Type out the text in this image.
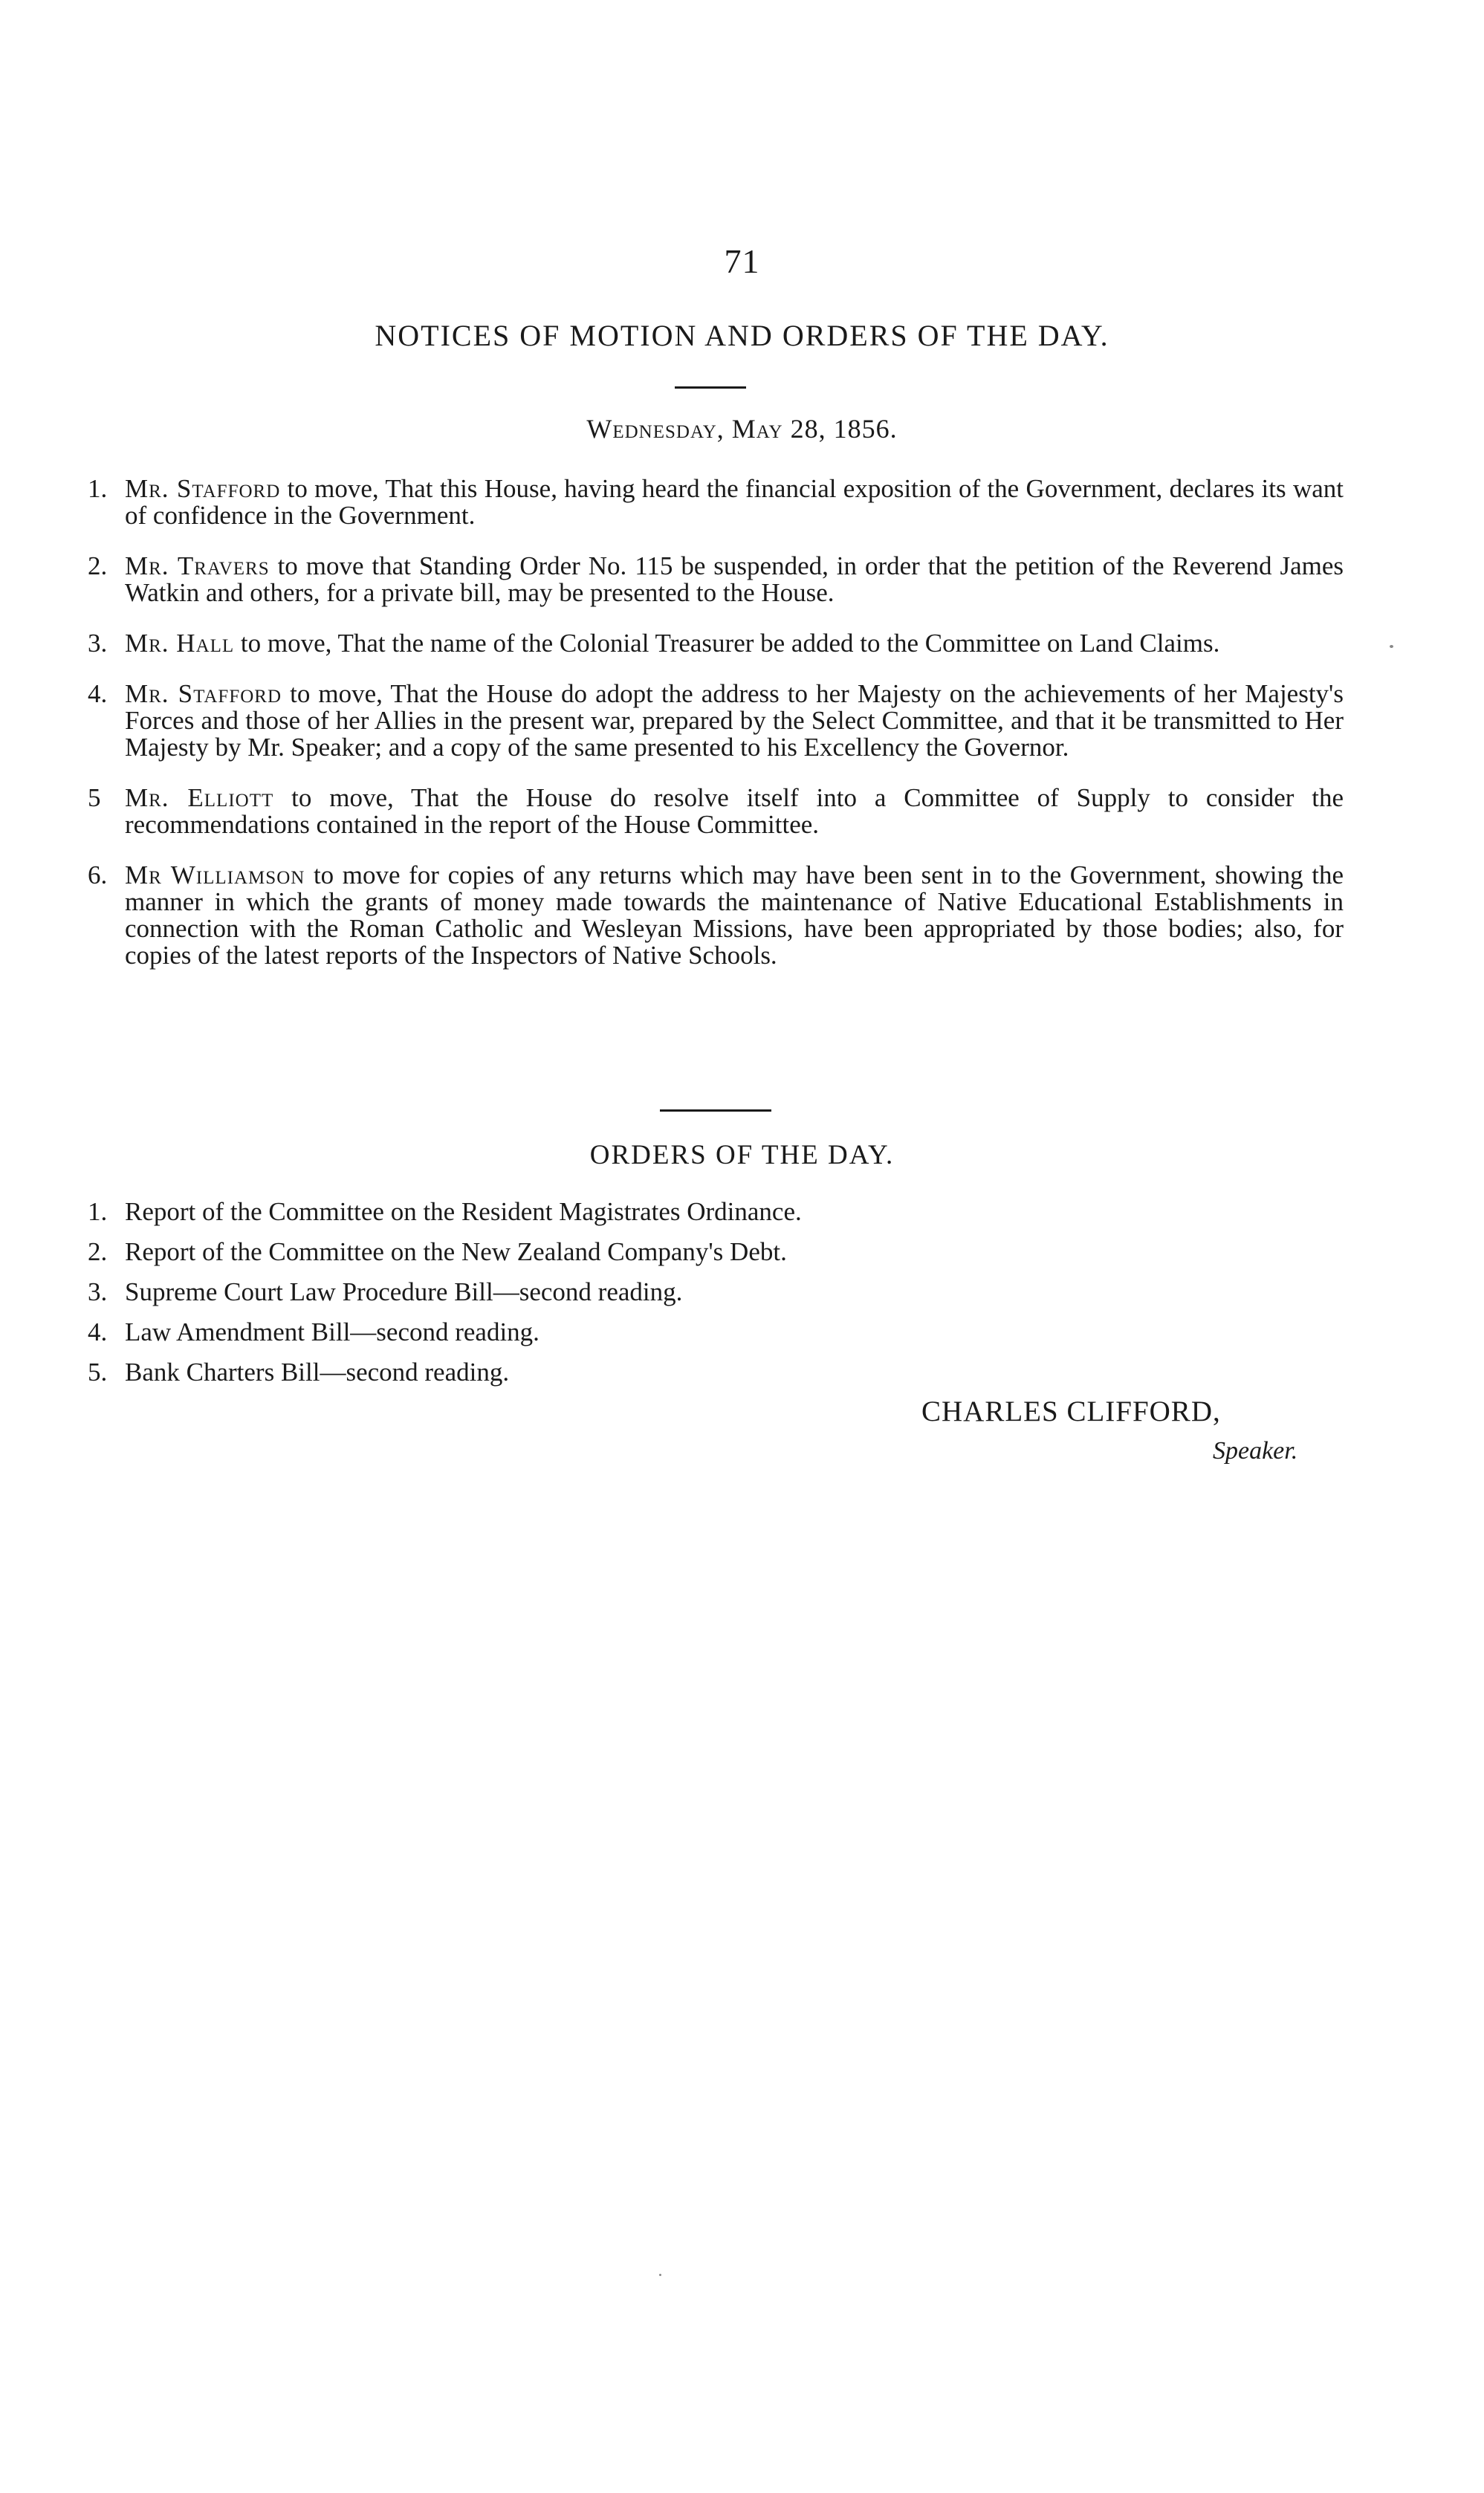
71
NOTICES OF MOTION AND ORDERS OF THE DAY.
Wednesday, May 28, 1856.
1. Mr. Stafford to move, That this House, having heard the financial exposition of the Government, declares its want of confidence in the Government.
2. Mr. Travers to move that Standing Order No. 115 be suspended, in order that the petition of the Reverend James Watkin and others, for a private bill, may be presented to the House.
3. Mr. Hall to move, That the name of the Colonial Treasurer be added to the Committee on Land Claims.
4. Mr. Stafford to move, That the House do adopt the address to her Majesty on the achievements of her Majesty's Forces and those of her Allies in the present war, prepared by the Select Committee, and that it be transmitted to Her Majesty by Mr. Speaker; and a copy of the same presented to his Excellency the Governor.
5 Mr. Elliott to move, That the House do resolve itself into a Committee of Supply to consider the recommendations contained in the report of the House Committee.
6. Mr Williamson to move for copies of any returns which may have been sent in to the Government, showing the manner in which the grants of money made towards the maintenance of Native Educational Establishments in connection with the Roman Catholic and Wesleyan Missions, have been appropriated by those bodies; also, for copies of the latest reports of the Inspectors of Native Schools.
ORDERS OF THE DAY.
1. Report of the Committee on the Resident Magistrates Ordinance.
2. Report of the Committee on the New Zealand Company's Debt.
3. Supreme Court Law Procedure Bill—second reading.
4. Law Amendment Bill—second reading.
5. Bank Charters Bill—second reading.
CHARLES CLIFFORD,
Speaker.
